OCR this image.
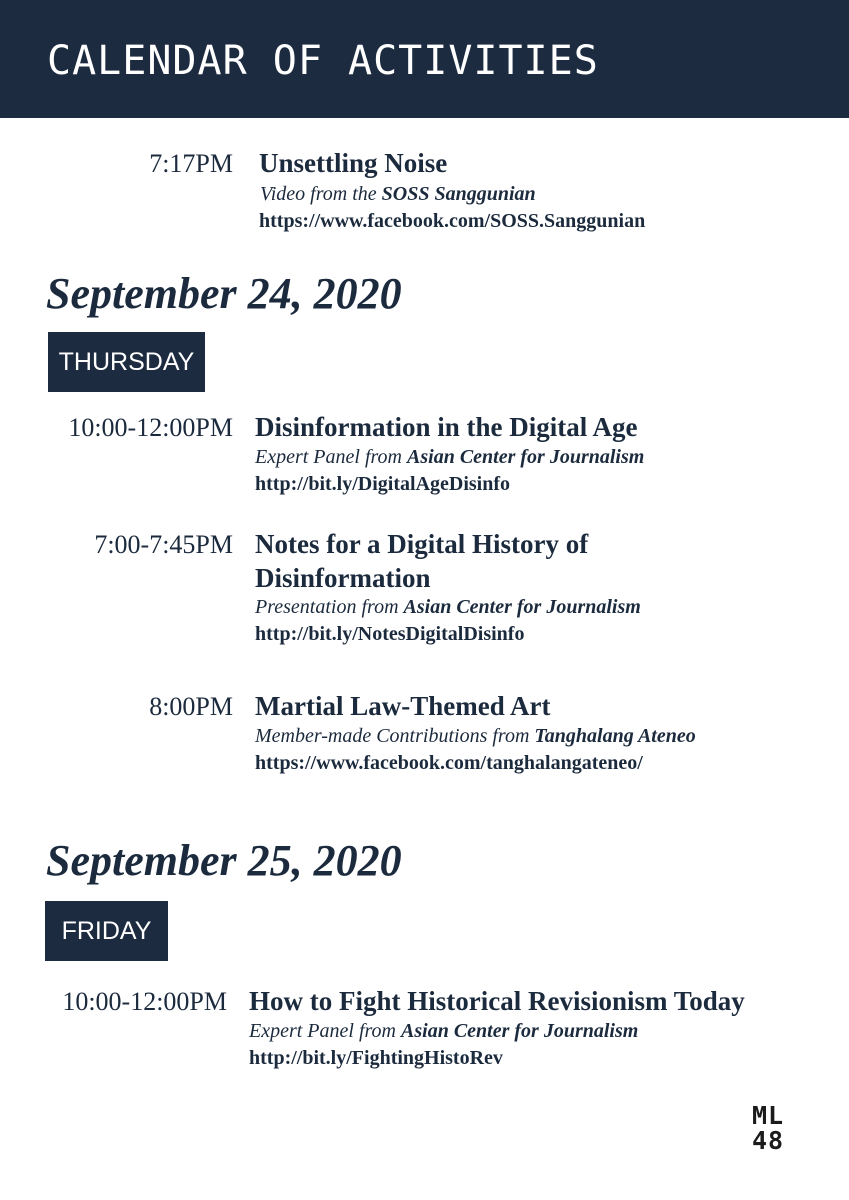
CALENDAR OF ACTIVITIES
7:17PM Unsettling Noise
Video from the SOSS Sanggunian
https://www.facebook.com/SOSS.Sanggunian
September 24, 2020
THURSDAY
10:00-12:00PM Disinformation in the Digital Age
Expert Panel from Asian Center for Journalism
http://bit.ly/DigitalAgeDisinfo
7:00-7:45PM Notes for a Digital History of
Disinformation
Presentation from Asian Center for Journalism
http://bit.ly/NotesDigitalDisinfo
8:00PM Martial Law-Themed Art
Member-made Contributions from Tanghalang Ateneo
https://www.facebook.com/tanghalangateneo/
September 25, 2020
FRIDAY
10:00-12:00PM How to Fight Historical Revisionism Today
Expert Panel from Asian Center for Journalism
http://bit.ly/FightingHistoRev
ML
48
